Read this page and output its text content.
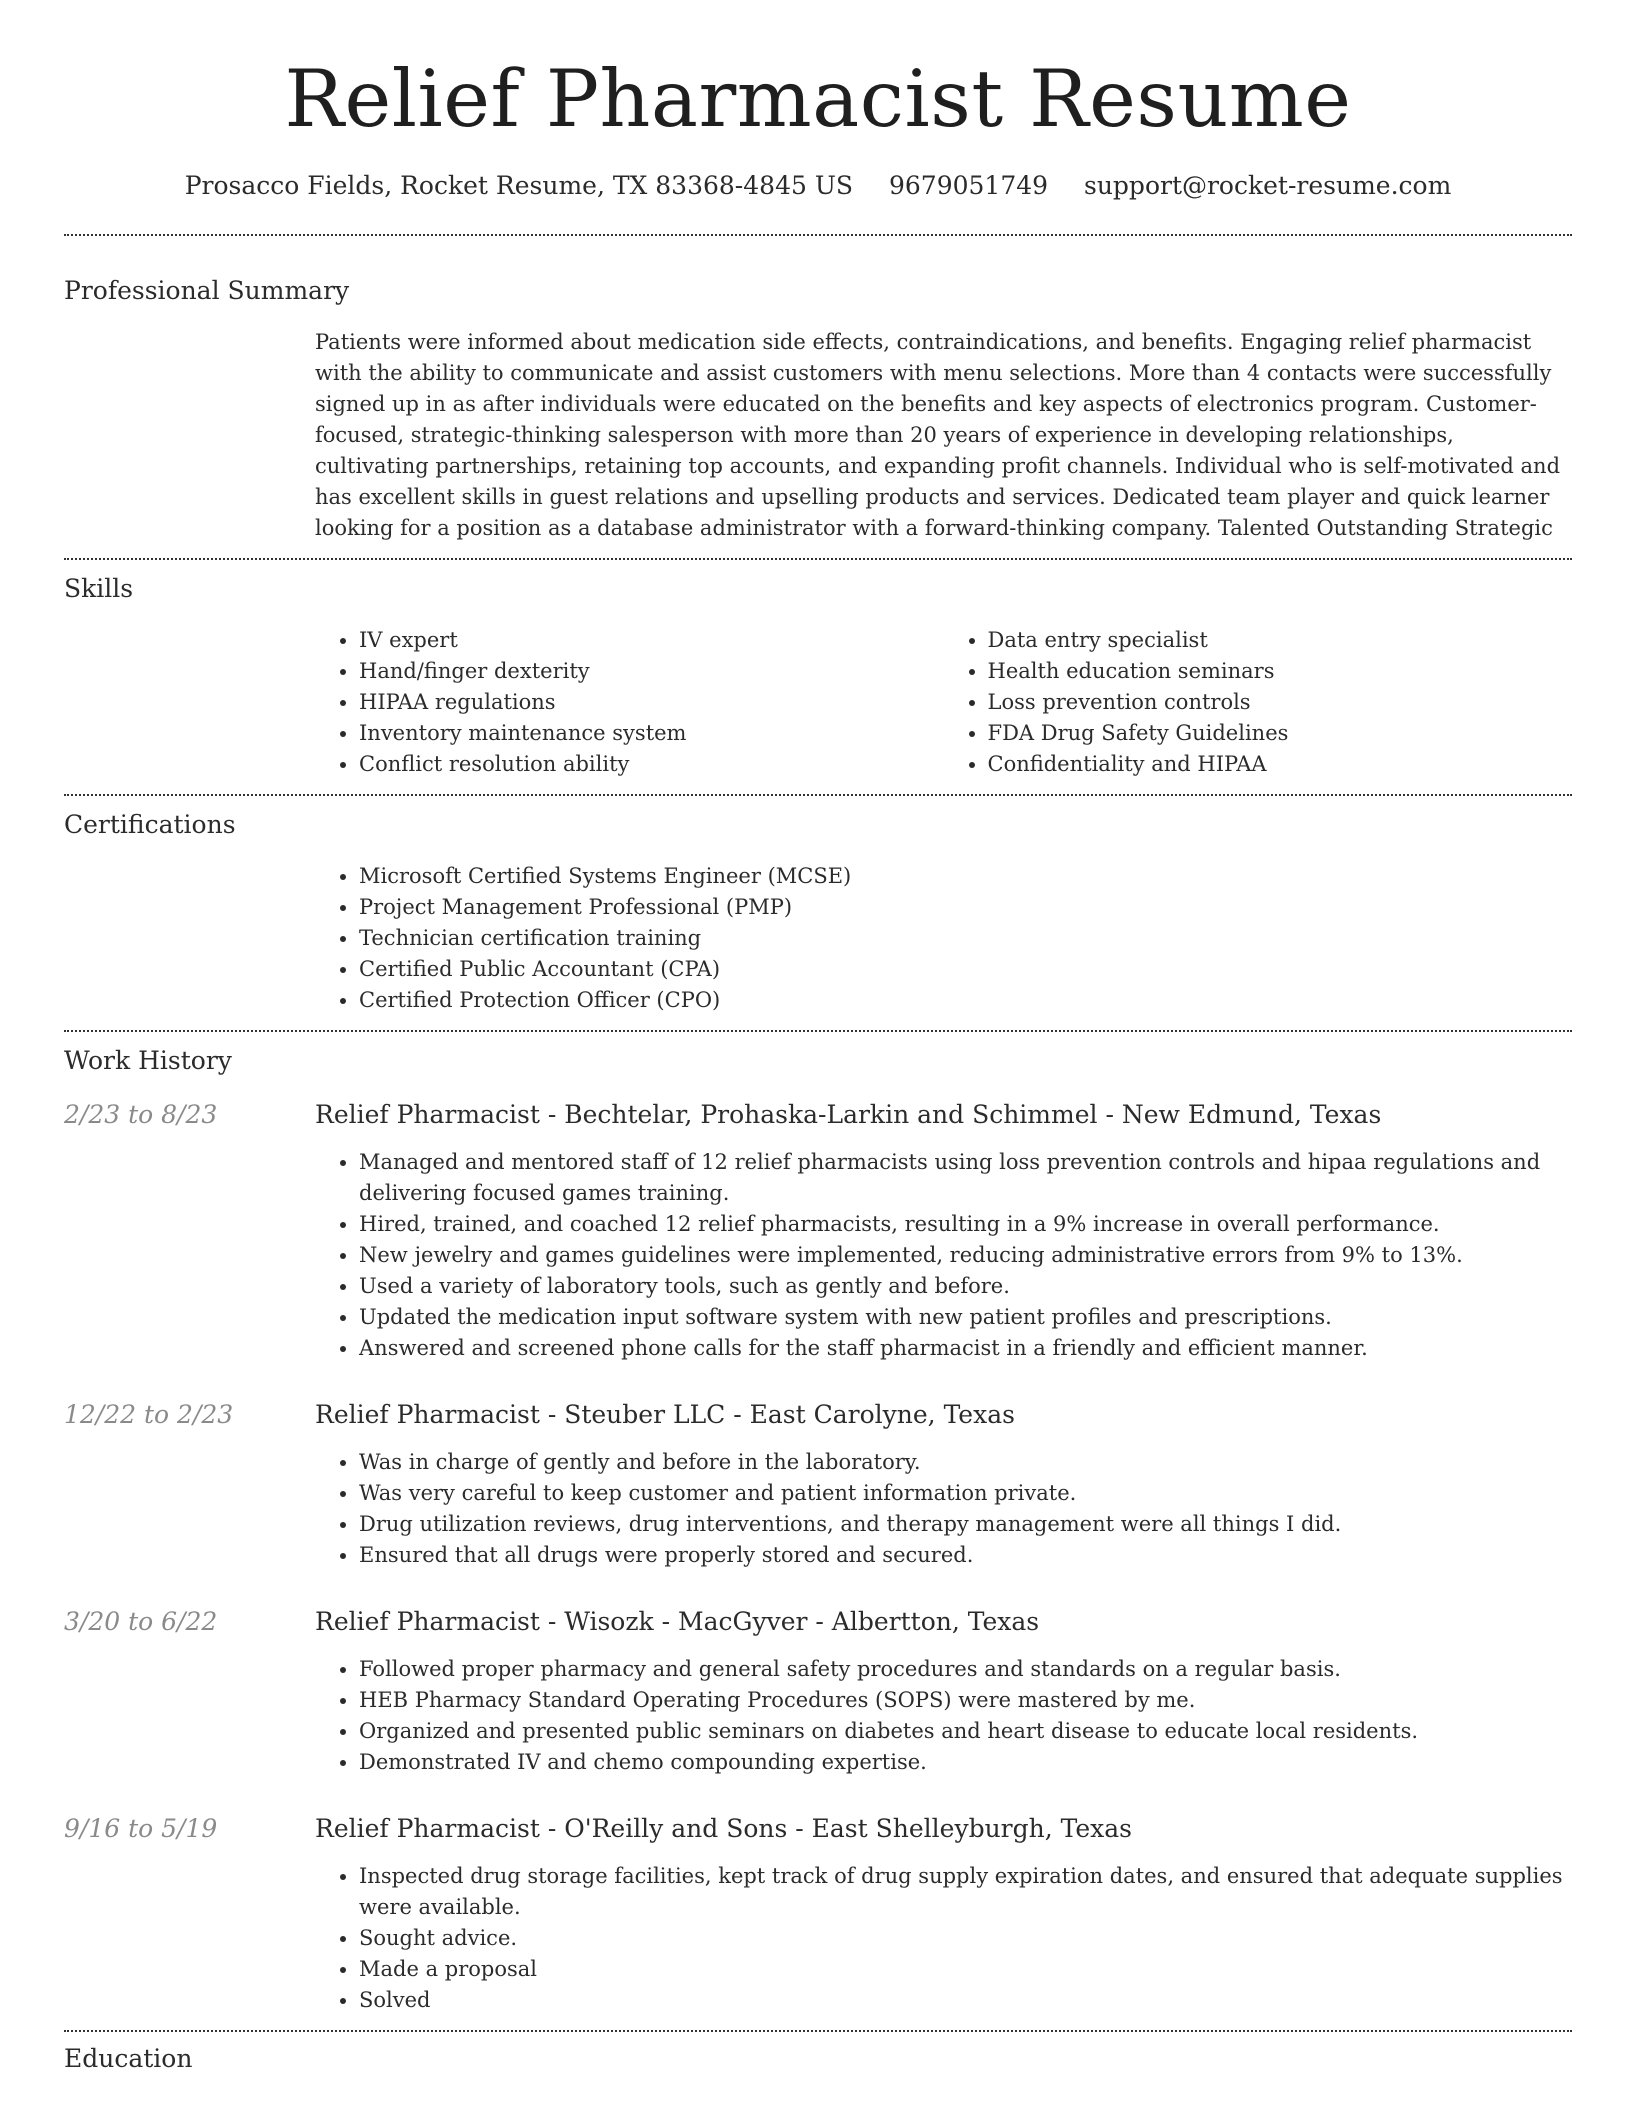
Relief Pharmacist Resume
Prosacco Fields, Rocket Resume, TX 83368-4845 US 9679051749 support@rocket-resume.com
Professional Summary
Patients were informed about medication side effects, contraindications, and benefits. Engaging relief pharmacist with the ability to communicate and assist customers with menu selections. More than 4 contacts were successfully signed up in as after individuals were educated on the benefits and key aspects of electronics program. Customer-focused, strategic-thinking salesperson with more than 20 years of experience in developing relationships, cultivating partnerships, retaining top accounts, and expanding profit channels. Individual who is self-motivated and has excellent skills in guest relations and upselling products and services. Dedicated team player and quick learner looking for a position as a database administrator with a forward-thinking company. Talented Outstanding Strategic
Skills
• IV expert
• Hand/finger dexterity
• HIPAA regulations
• Inventory maintenance system
• Conflict resolution ability
• Data entry specialist
• Health education seminars
• Loss prevention controls
• FDA Drug Safety Guidelines
• Confidentiality and HIPAA
Certifications
• Microsoft Certified Systems Engineer (MCSE)
• Project Management Professional (PMP)
• Technician certification training
• Certified Public Accountant (CPA)
• Certified Protection Officer (CPO)
Work History
2/23 to 8/23	Relief Pharmacist - Bechtelar, Prohaska-Larkin and Schimmel - New Edmund, Texas
• Managed and mentored staff of 12 relief pharmacists using loss prevention controls and hipaa regulations and delivering focused games training.
• Hired, trained, and coached 12 relief pharmacists, resulting in a 9% increase in overall performance.
• New jewelry and games guidelines were implemented, reducing administrative errors from 9% to 13%.
• Used a variety of laboratory tools, such as gently and before.
• Updated the medication input software system with new patient profiles and prescriptions.
• Answered and screened phone calls for the staff pharmacist in a friendly and efficient manner.
12/22 to 2/23	Relief Pharmacist - Steuber LLC - East Carolyne, Texas
• Was in charge of gently and before in the laboratory.
• Was very careful to keep customer and patient information private.
• Drug utilization reviews, drug interventions, and therapy management were all things I did.
• Ensured that all drugs were properly stored and secured.
3/20 to 6/22	Relief Pharmacist - Wisozk - MacGyver - Albertton, Texas
• Followed proper pharmacy and general safety procedures and standards on a regular basis.
• HEB Pharmacy Standard Operating Procedures (SOPS) were mastered by me.
• Organized and presented public seminars on diabetes and heart disease to educate local residents.
• Demonstrated IV and chemo compounding expertise.
9/16 to 5/19	Relief Pharmacist - O'Reilly and Sons - East Shelleyburgh, Texas
• Inspected drug storage facilities, kept track of drug supply expiration dates, and ensured that adequate supplies were available.
• Sought advice.
• Made a proposal
• Solved
Education
